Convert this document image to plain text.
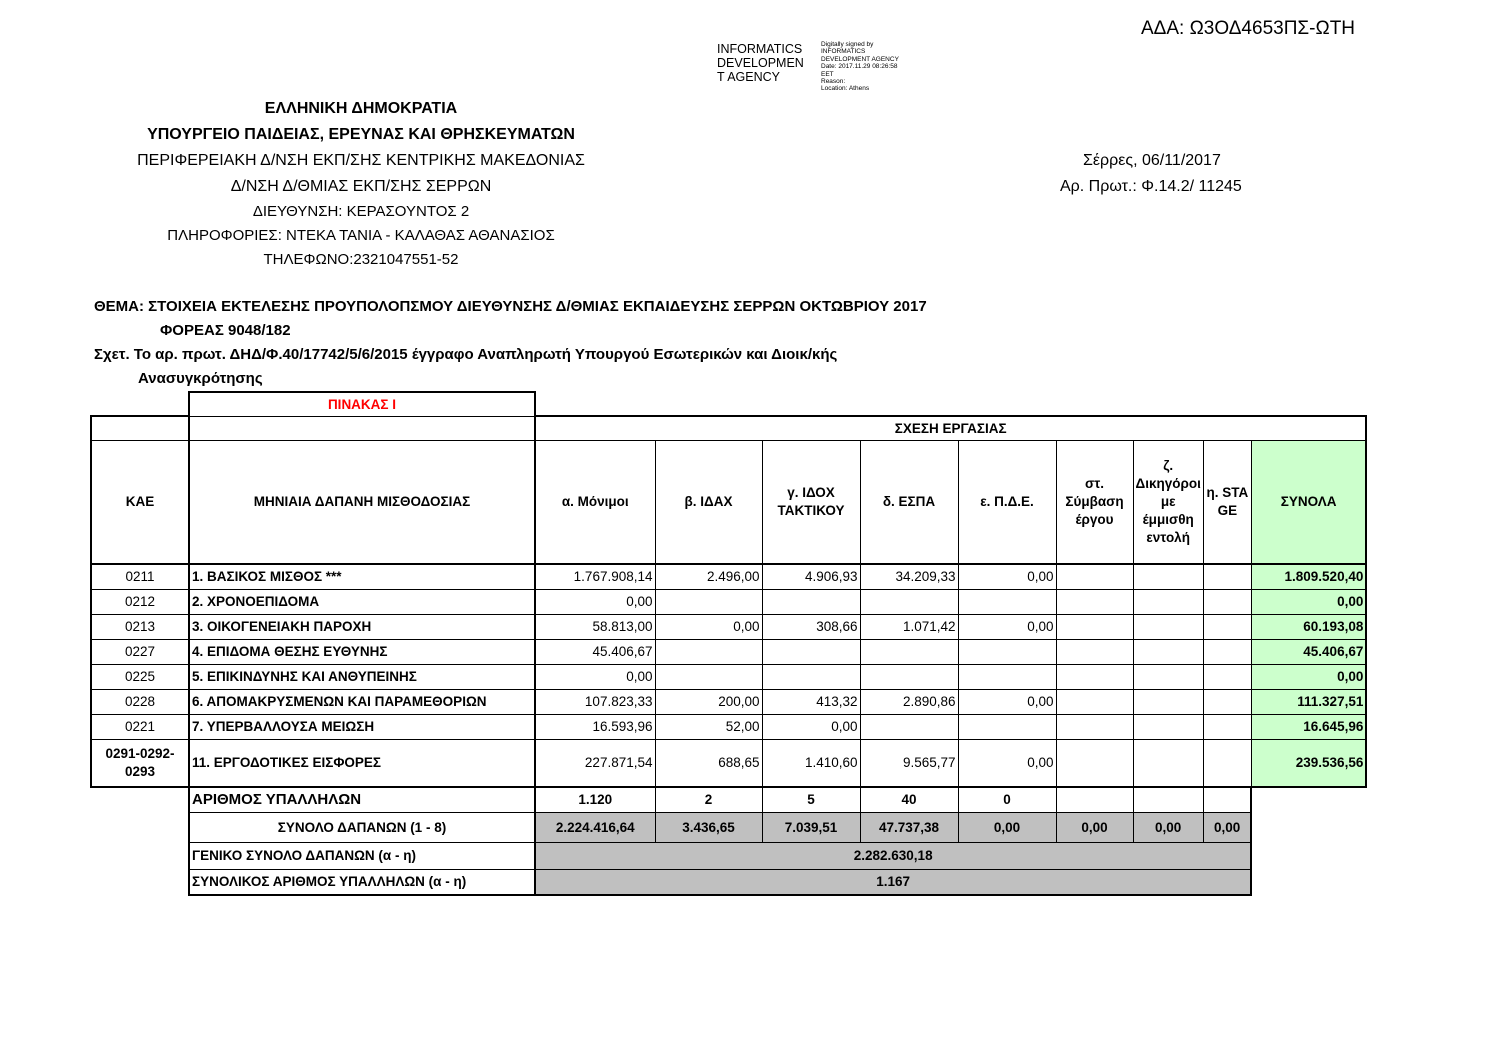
ΑΔΑ: Ω3ΟΔ4653ΠΣ-ΩΤΗ
INFORMATICS
DEVELOPMEN
T AGENCY
Digitally signed by
INFORMATICS
DEVELOPMENT AGENCY
Date: 2017.11.29 08:26:58
EET
Reason:
Location: Athens
ΕΛΛΗΝΙΚΗ ΔΗΜΟΚΡΑΤΙΑ
ΥΠΟΥΡΓΕΙΟ ΠΑΙΔΕΙΑΣ, ΕΡΕΥΝΑΣ ΚΑΙ ΘΡΗΣΚΕΥΜΑΤΩΝ
ΠΕΡΙΦΕΡΕΙΑΚΗ Δ/ΝΣΗ ΕΚΠ/ΣΗΣ ΚΕΝΤΡΙΚΗΣ ΜΑΚΕΔΟΝΙΑΣ
Δ/ΝΣΗ Δ/ΘΜΙΑΣ ΕΚΠ/ΣΗΣ ΣΕΡΡΩΝ
ΔΙΕΥΘΥΝΣΗ: ΚΕΡΑΣΟΥΝΤΟΣ 2
ΠΛΗΡΟΦΟΡΙΕΣ: ΝΤΕΚΑ ΤΑΝΙΑ - ΚΑΛΑΘΑΣ ΑΘΑΝΑΣΙΟΣ
ΤΗΛΕΦΩΝΟ:2321047551-52
Σέρρες, 06/11/2017
Αρ. Πρωτ.: Φ.14.2/ 11245
ΘΕΜΑ: ΣΤΟΙΧΕΙΑ ΕΚΤΕΛΕΣΗΣ ΠΡΟΥΠΟΛΟΠΣΜΟΥ ΔΙΕΥΘΥΝΣΗΣ Δ/ΘΜΙΑΣ ΕΚΠΑΙΔΕΥΣΗΣ ΣΕΡΡΩΝ ΟΚΤΩΒΡΙΟΥ 2017
ΦΟΡΕΑΣ 9048/182
Σχετ. Το αρ. πρωτ. ΔΗΔ/Φ.40/17742/5/6/2015 έγγραφο Αναπληρωτή Υπουργού Εσωτερικών και Διοικ/κής
Ανασυγκρότησης
	ΠΙΝΑΚΑΣ Ι									
		ΣΧΕΣΗ ΕΡΓΑΣΙΑΣ								
ΚΑΕ	ΜΗΝΙΑΙΑ ΔΑΠΑΝΗ ΜΙΣΘΟΔΟΣΙΑΣ	α. Μόνιμοι	β. ΙΔΑΧ	γ. ΙΔΟΧ ΤΑΚΤΙΚΟΥ	δ. ΕΣΠΑ	ε. Π.Δ.Ε.	στ. Σύμβαση έργου	ζ. Δικηγόροι με έμμισθη εντολή	η. STAGE	ΣΥΝΟΛΑ
0211	1. ΒΑΣΙΚΟΣ ΜΙΣΘΟΣ ***	1.767.908,14	2.496,00	4.906,93	34.209,33	0,00				1.809.520,40
0212	2. ΧΡΟΝΟΕΠΙΔΟΜΑ	0,00								0,00
0213	3. ΟΙΚΟΓΕΝΕΙΑΚΗ ΠΑΡΟΧΗ	58.813,00	0,00	308,66	1.071,42	0,00				60.193,08
0227	4. ΕΠΙΔΟΜΑ ΘΕΣΗΣ ΕΥΘΥΝΗΣ	45.406,67								45.406,67
0225	5. ΕΠΙΚΙΝΔΥΝΗΣ ΚΑΙ ΑΝΘΥΠΕΙΝΗΣ	0,00								0,00
0228	6. ΑΠΟΜΑΚΡΥΣΜΕΝΩΝ ΚΑΙ ΠΑΡΑΜΕΘΟΡΙΩΝ	107.823,33	200,00	413,32	2.890,86	0,00				111.327,51
0221	7. ΥΠΕΡΒΑΛΛΟΥΣΑ ΜΕΙΩΣΗ	16.593,96	52,00	0,00						16.645,96
0291-0292-0293	11. ΕΡΓΟΔΟΤΙΚΕΣ ΕΙΣΦΟΡΕΣ	227.871,54	688,65	1.410,60	9.565,77	0,00				239.536,56
	ΑΡΙΘΜΟΣ ΥΠΑΛΛΗΛΩΝ	1.120	2	5	40	0				
	ΣΥΝΟΛΟ ΔΑΠΑΝΩΝ (1 - 8)	2.224.416,64	3.436,65	7.039,51	47.737,38	0,00	0,00	0,00	0,00	
	ΓΕΝΙΚΟ ΣΥΝΟΛΟ ΔΑΠΑΝΩΝ (α - η)	2.282.630,18								
	ΣΥΝΟΛΙΚΟΣ ΑΡΙΘΜΟΣ ΥΠΑΛΛΗΛΩΝ (α - η)	1.167								
